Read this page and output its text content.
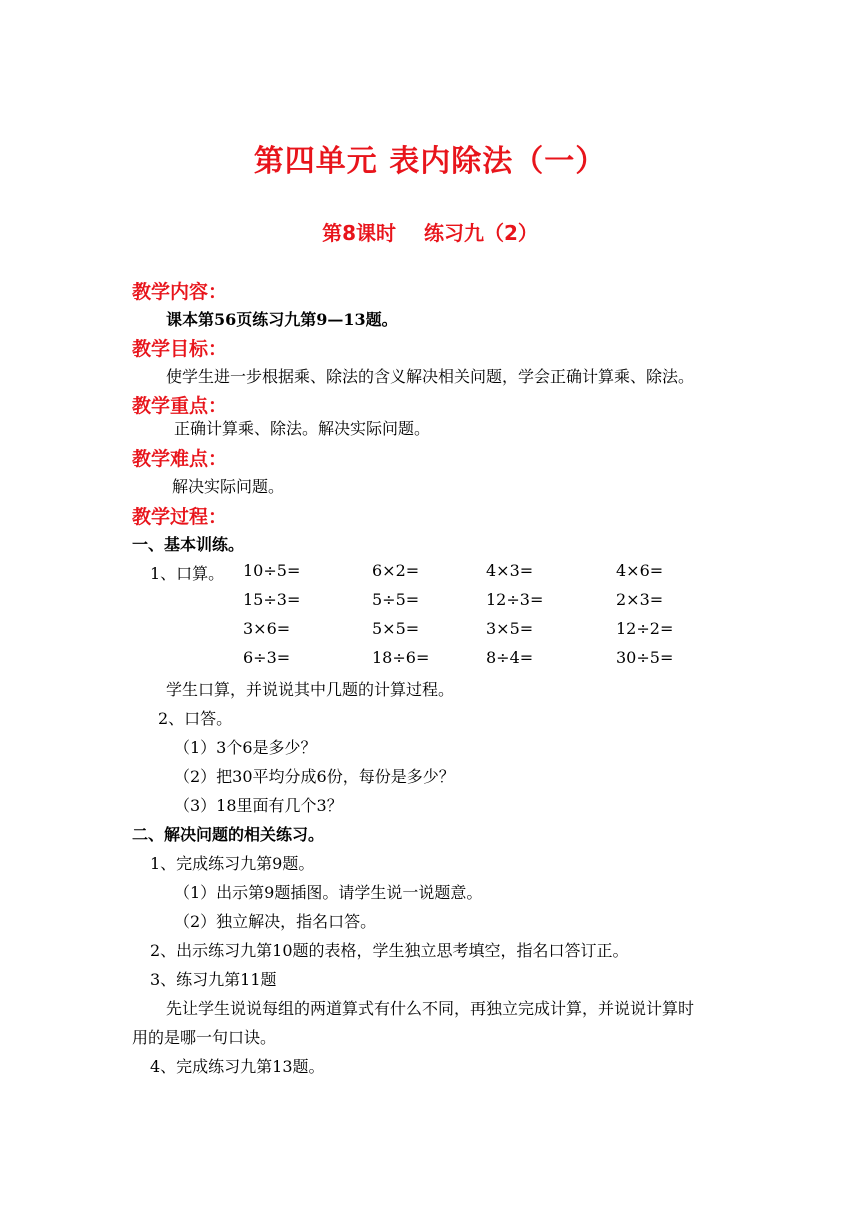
第四单元 表内除法（一）
第8课时 练习九（2）
教学内容：
课本第56页练习九第9—13题。
教学目标：
使学生进一步根据乘、除法的含义解决相关问题，学会正确计算乘、除法。
教学重点：
正确计算乘、除法。解决实际问题。
教学难点：
解决实际问题。
教学过程：
一、基本训练。
1、口算。 10÷5=	6×2=	4×3=	4×6=
15÷3=	5÷5=	12÷3=	2×3=
3×6=	5×5=	3×5=	12÷2=
6÷3=	18÷6=	8÷4=	30÷5=
学生口算，并说说其中几题的计算过程。
2、口答。
（1）3个6是多少？
（2）把30平均分成6份，每份是多少？
（3）18里面有几个3？
二、解决问题的相关练习。
1、完成练习九第9题。
（1）出示第9题插图。请学生说一说题意。
（2）独立解决，指名口答。
2、出示练习九第10题的表格，学生独立思考填空，指名口答订正。
3、练习九第11题
先让学生说说每组的两道算式有什么不同，再独立完成计算，并说说计算时
用的是哪一句口诀。
4、完成练习九第13题。
